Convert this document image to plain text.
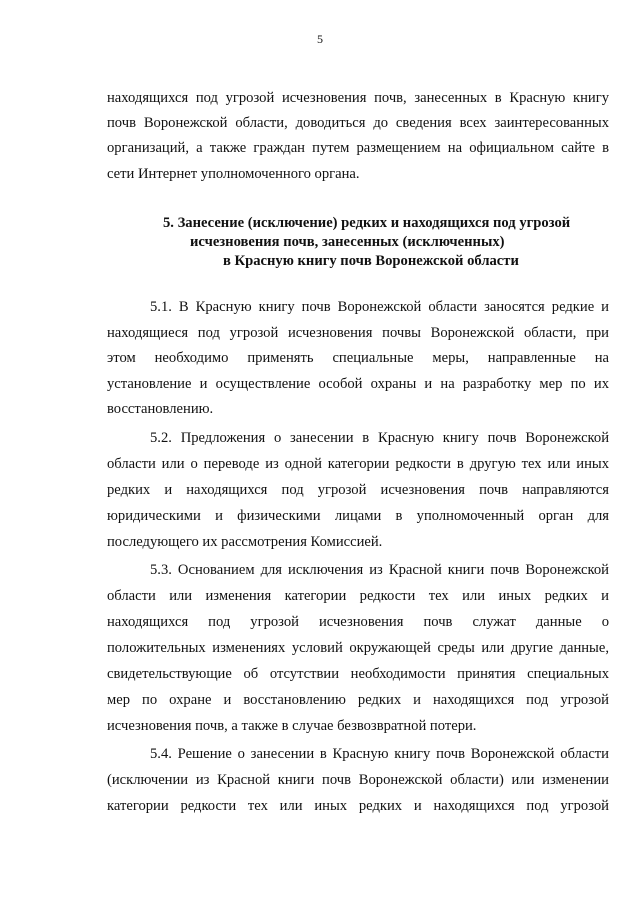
5
находящихся под угрозой исчезновения почв, занесенных в Красную книгу
почв Воронежской области, доводиться до сведения всех заинтересованных
организаций, а также граждан путем размещением на официальном сайте в
сети Интернет уполномоченного органа.
5. Занесение (исключение) редких и находящихся под угрозой
исчезновения почв, занесенных (исключенных)
в Красную книгу почв Воронежской области
5.1. В Красную книгу почв Воронежской области заносятся редкие и
находящиеся под угрозой исчезновения почвы Воронежской области, при
этом необходимо применять специальные меры, направленные на
установление и осуществление особой охраны и на разработку мер по их
восстановлению.
5.2. Предложения о занесении в Красную книгу почв Воронежской
области или о переводе из одной категории редкости в другую тех или иных
редких и находящихся под угрозой исчезновения почв направляются
юридическими и физическими лицами в уполномоченный орган для
последующего их рассмотрения Комиссией.
5.3. Основанием для исключения из Красной книги почв Воронежской
области или изменения категории редкости тех или иных редких и
находящихся под угрозой исчезновения почв служат данные о
положительных изменениях условий окружающей среды или другие данные,
свидетельствующие об отсутствии необходимости принятия специальных
мер по охране и восстановлению редких и находящихся под угрозой
исчезновения почв, а также в случае безвозвратной потери.
5.4. Решение о занесении в Красную книгу почв Воронежской области
(исключении из Красной книги почв Воронежской области) или изменении
категории редкости тех или иных редких и находящихся под угрозой
